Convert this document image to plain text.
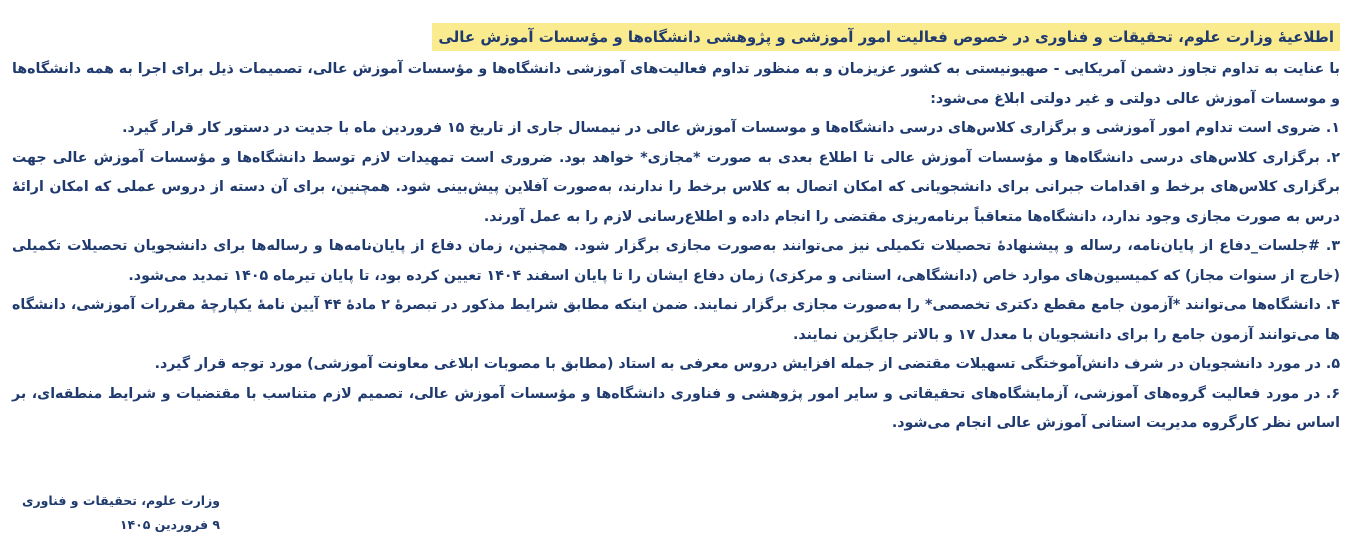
اطلاعیهٔ وزارت علوم، تحقیقات و فناوری در خصوص فعالیت امور آموزشی و پژوهشی دانشگاه‌ها و مؤسسات آموزش عالی

با عنایت به تداوم تجاوز دشمن آمریکایی - صهیونیستی به کشور عزیزمان و به منظور تداوم فعالیت‌های آموزشی دانشگاه‌ها و مؤسسات آموزش عالی، تصمیمات ذیل برای اجرا به همه دانشگاه‌ها و موسسات آموزش عالی دولتی و غیر دولتی ابلاغ می‌شود:

۱. ضروی است تداوم امور آموزشی و برگزاری کلاس‌های درسی دانشگاه‌ها و موسسات آموزش عالی در نیمسال جاری از تاریخ ۱۵ فروردین ماه با جدیت در دستور کار قرار گیرد.

۲. برگزاری کلاس‌های درسی دانشگاه‌ها و مؤسسات آموزش عالی تا اطلاع بعدی به صورت *مجازی* خواهد بود. ضروری است تمهیدات لازم توسط دانشگاه‌ها و مؤسسات آموزش عالی جهت برگزاری کلاس‌های برخط و اقدامات جبرانی برای دانشجویانی که امکان اتصال به کلاس برخط را ندارند، به‌صورت آفلاین پیش‌بینی شود. همچنین، برای آن دسته از دروس عملی که امکان ارائهٔ درس به صورت مجازی وجود ندارد، دانشگاه‌ها متعاقباً برنامه‌ریزی مقتضی را انجام داده و اطلاع‌رسانی لازم را به عمل آورند.

۳. #جلسات_دفاع از پایان‌نامه، رساله و پیشنهادهٔ تحصیلات تکمیلی نیز می‌توانند به‌صورت مجازی برگزار شود. همچنین، زمان دفاع از پایان‌نامه‌ها و رساله‌ها برای دانشجویان تحصیلات تکمیلی (خارج از سنوات مجاز) که کمیسیون‌های موارد خاص (دانشگاهی، استانی و مرکزی) زمان دفاع ایشان را تا پایان اسفند ۱۴۰۴ تعیین کرده بود، تا پایان تیرماه ۱۴۰۵ تمدید می‌شود.

۴. دانشگاه‌ها می‌توانند *آزمون جامع مقطع دکتری تخصصی* را به‌صورت مجازی برگزار نمایند. ضمن اینکه مطابق شرایط مذکور در تبصرهٔ ۲ مادهٔ ۴۴ آیین نامهٔ یکپارچهٔ مقررات آموزشی، دانشگاه ها می‌توانند آزمون جامع را برای دانشجویان با معدل ۱۷ و بالاتر جایگزین نمایند.

۵. در مورد دانشجویان در شرف دانش‌آموختگی تسهیلات مقتضی از جمله افزایش دروس معرفی به استاد (مطابق با مصوبات ابلاغی معاونت آموزشی) مورد توجه قرار گیرد.

۶. در مورد فعالیت گروه‌های آموزشی، آزمایشگاه‌های تحقیقاتی و سایر امور پژوهشی و فناوری دانشگاه‌ها و مؤسسات آموزش عالی، تصمیم لازم متناسب با مقتضیات و شرایط منطقه‌ای، بر اساس نظر کارگروه مدیریت استانی آموزش عالی انجام می‌شود.

وزارت علوم، تحقیقات و فناوری
۹ فروردین ۱۴۰۵
